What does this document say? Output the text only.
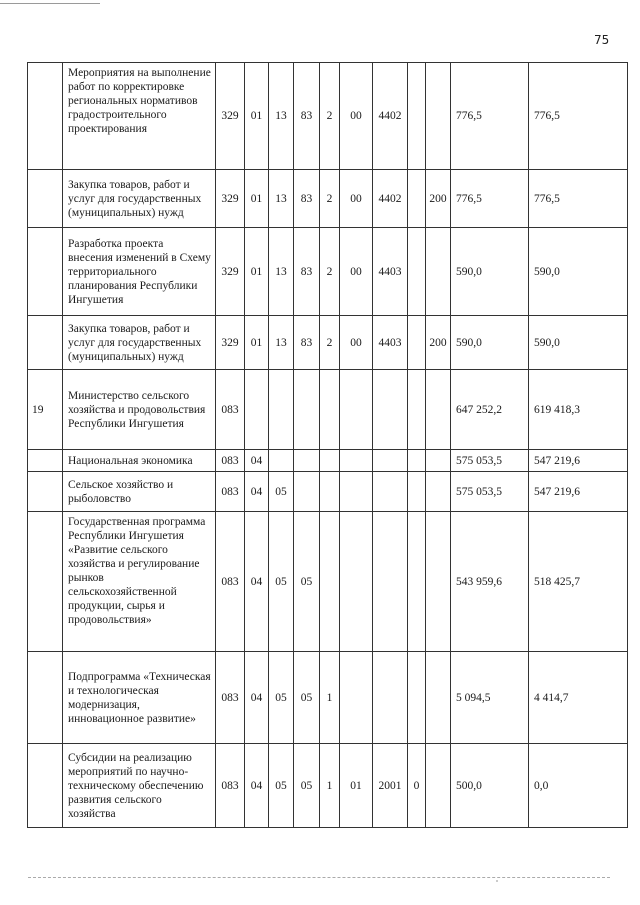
75
	Мероприятия на выполнение работ по корректировке региональных нормативов градостроительного проектирования	329	01	13	83	2	00	4402			776,5	776,5
	Закупка товаров, работ и услуг для государственных (муниципальных) нужд	329	01	13	83	2	00	4402		200	776,5	776,5
	Разработка проекта внесения изменений в Схему территориального планирования Республики Ингушетия	329	01	13	83	2	00	4403			590,0	590,0
	Закупка товаров, работ и услуг для государственных (муниципальных) нужд	329	01	13	83	2	00	4403		200	590,0	590,0
19	Министерство сельского хозяйства и продовольствия Республики Ингушетия	083									647 252,2	619 418,3
	Национальная экономика	083	04								575 053,5	547 219,6
	Сельское хозяйство и рыболовство	083	04	05							575 053,5	547 219,6
	Государственная программа Республики Ингушетия «Развитие сельского хозяйства и регулирование рынков сельскохозяйственной продукции, сырья и продовольствия»	083	04	05	05						543 959,6	518 425,7
	Подпрограмма «Техническая и технологическая модернизация, инновационное развитие»	083	04	05	05	1					5 094,5	4 414,7
	Субсидии на реализацию мероприятий по научно-техническому обеспечению развития сельского хозяйства	083	04	05	05	1	01	2001	0		500,0	0,0
